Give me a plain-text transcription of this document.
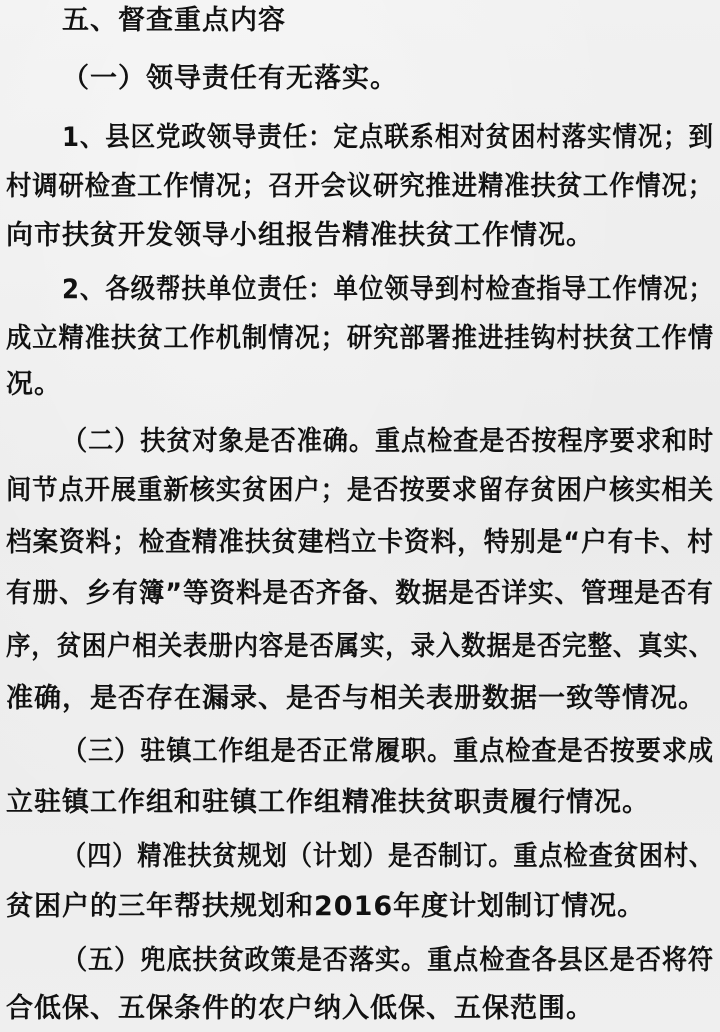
五、督查重点内容
（一）领导责任有无落实。
1、县区党政领导责任：定点联系相对贫困村落实情况；到
村调研检查工作情况；召开会议研究推进精准扶贫工作情况；
向市扶贫开发领导小组报告精准扶贫工作情况。
2、各级帮扶单位责任：单位领导到村检查指导工作情况；
成立精准扶贫工作机制情况；研究部署推进挂钩村扶贫工作情
况。
（二）扶贫对象是否准确。重点检查是否按程序要求和时
间节点开展重新核实贫困户；是否按要求留存贫困户核实相关
档案资料；检查精准扶贫建档立卡资料，特别是“户有卡、村
有册、乡有簿”等资料是否齐备、数据是否详实、管理是否有
序，贫困户相关表册内容是否属实，录入数据是否完整、真实、
准确，是否存在漏录、是否与相关表册数据一致等情况。
（三）驻镇工作组是否正常履职。重点检查是否按要求成
立驻镇工作组和驻镇工作组精准扶贫职责履行情况。
（四）精准扶贫规划（计划）是否制订。重点检查贫困村、
贫困户的三年帮扶规划和2016年度计划制订情况。
（五）兜底扶贫政策是否落实。重点检查各县区是否将符
合低保、五保条件的农户纳入低保、五保范围。
